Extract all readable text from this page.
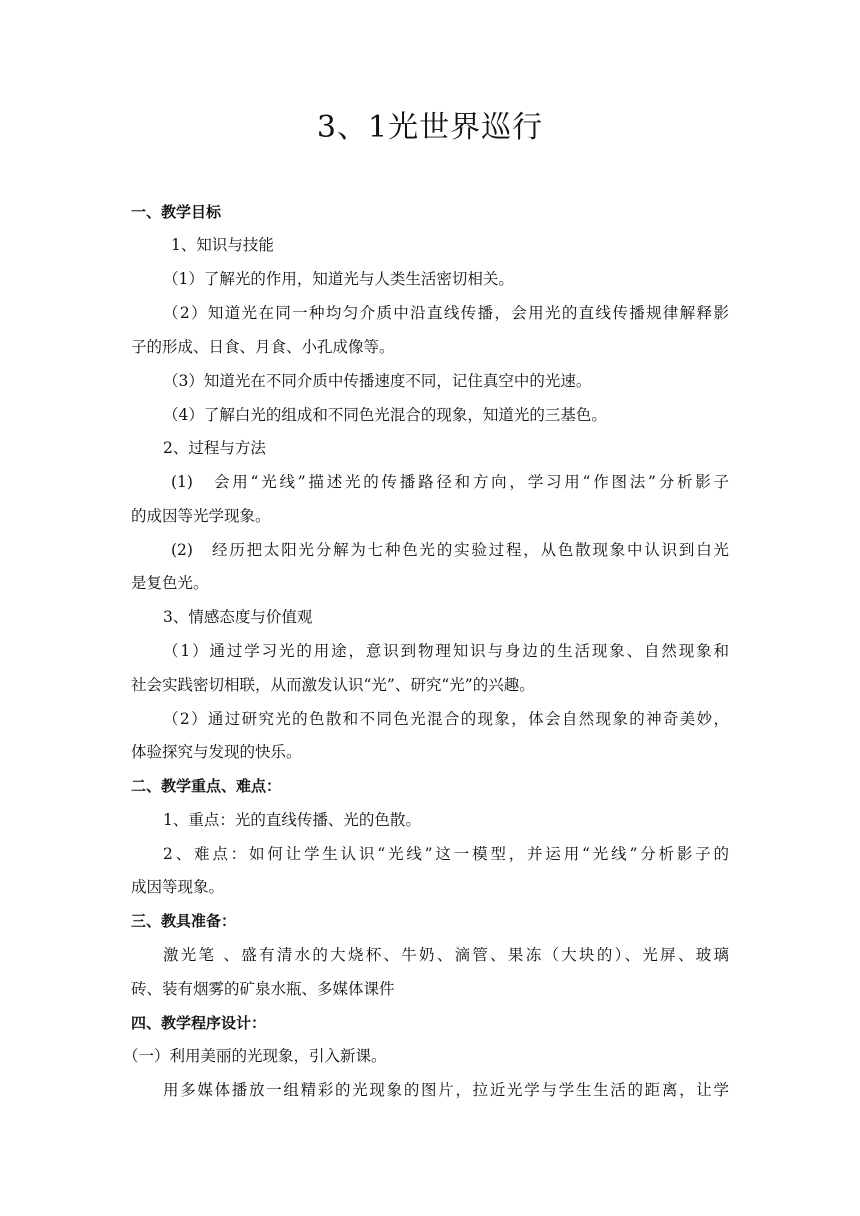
3、1光世界巡行
一、教学目标
1、知识与技能
（1）了解光的作用，知道光与人类生活密切相关。
（2）知道光在同一种均匀介质中沿直线传播，会用光的直线传播规律解释影
子的形成、日食、月食、小孔成像等。
（3）知道光在不同介质中传播速度不同，记住真空中的光速。
（4）了解白光的组成和不同色光混合的现象，知道光的三基色。
2、过程与方法
(1)　会用“光线”描述光的传播路径和方向，学习用“作图法”分析影子
的成因等光学现象。
(2)　经历把太阳光分解为七种色光的实验过程，从色散现象中认识到白光
是复色光。
3、情感态度与价值观
（1）通过学习光的用途，意识到物理知识与身边的生活现象、自然现象和
社会实践密切相联，从而激发认识“光”、研究“光”的兴趣。
（2）通过研究光的色散和不同色光混合的现象，体会自然现象的神奇美妙，
体验探究与发现的快乐。
二、教学重点、难点：
1、重点：光的直线传播、光的色散。
2、难点：如何让学生认识“光线”这一模型，并运用“光线”分析影子的
成因等现象。
三、教具准备：
激光笔 、盛有清水的大烧杯、牛奶、滴管、果冻（大块的）、光屏、玻璃
砖、装有烟雾的矿泉水瓶、多媒体课件
四、教学程序设计：
（一）利用美丽的光现象，引入新课。
用多媒体播放一组精彩的光现象的图片，拉近光学与学生生活的距离，让学
